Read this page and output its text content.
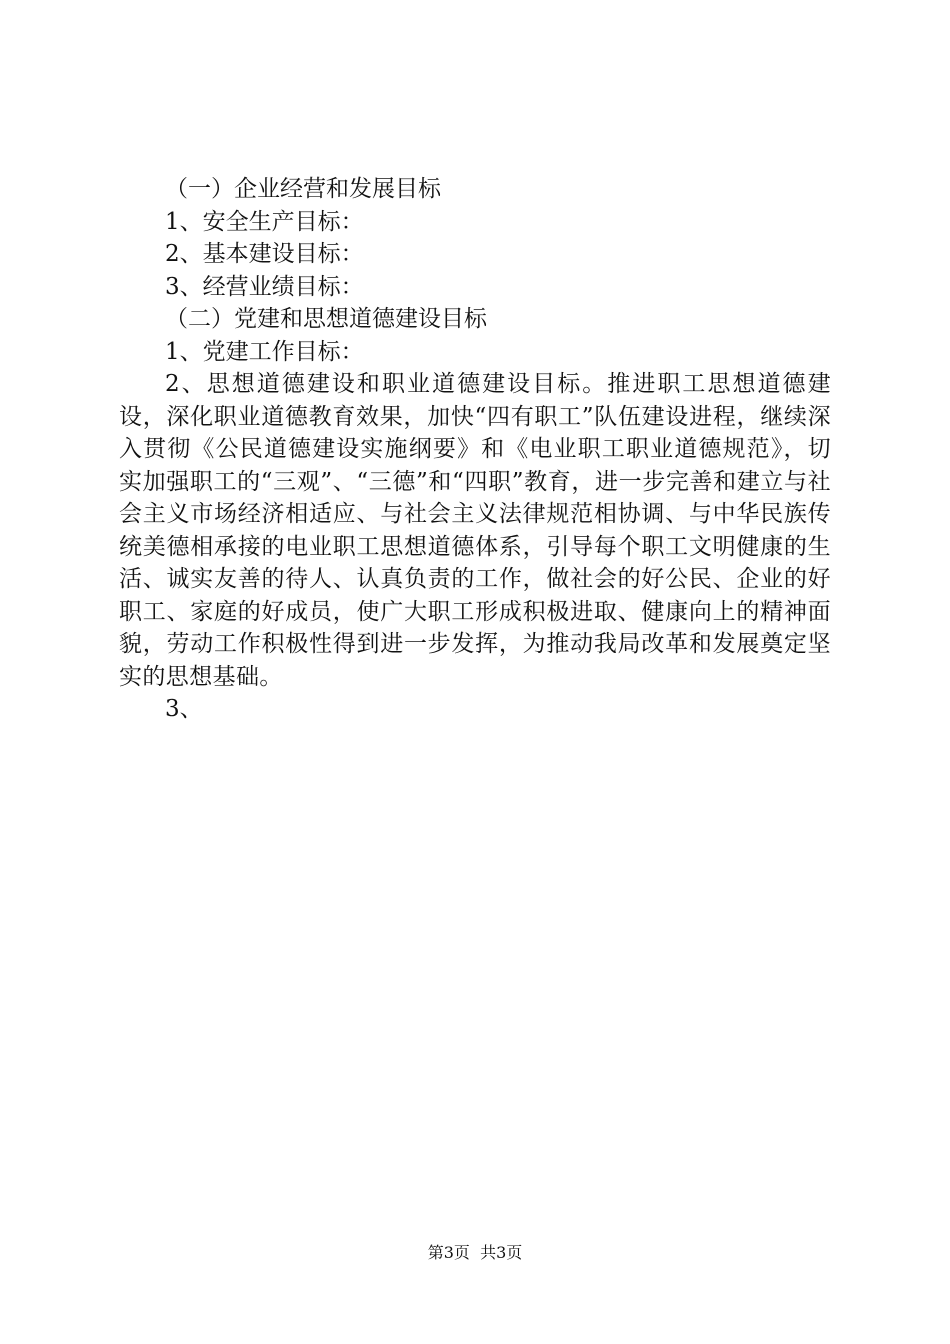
（一）企业经营和发展目标
1、安全生产目标：
2、基本建设目标：
3、经营业绩目标：
（二）党建和思想道德建设目标
1、党建工作目标：
2、思想道德建设和职业道德建设目标。推进职工思想道德建设，深化职业道德教育效果，加快“四有职工”队伍建设进程，继续深入贯彻《公民道德建设实施纲要》和《电业职工职业道德规范》，切实加强职工的“三观”、“三德”和“四职”教育，进一步完善和建立与社会主义市场经济相适应、与社会主义法律规范相协调、与中华民族传统美德相承接的电业职工思想道德体系，引导每个职工文明健康的生活、诚实友善的待人、认真负责的工作，做社会的好公民、企业的好职工、家庭的好成员，使广大职工形成积极进取、健康向上的精神面貌，劳动工作积极性得到进一步发挥，为推动我局改革和发展奠定坚实的思想基础。
3、
第3页  共3页
